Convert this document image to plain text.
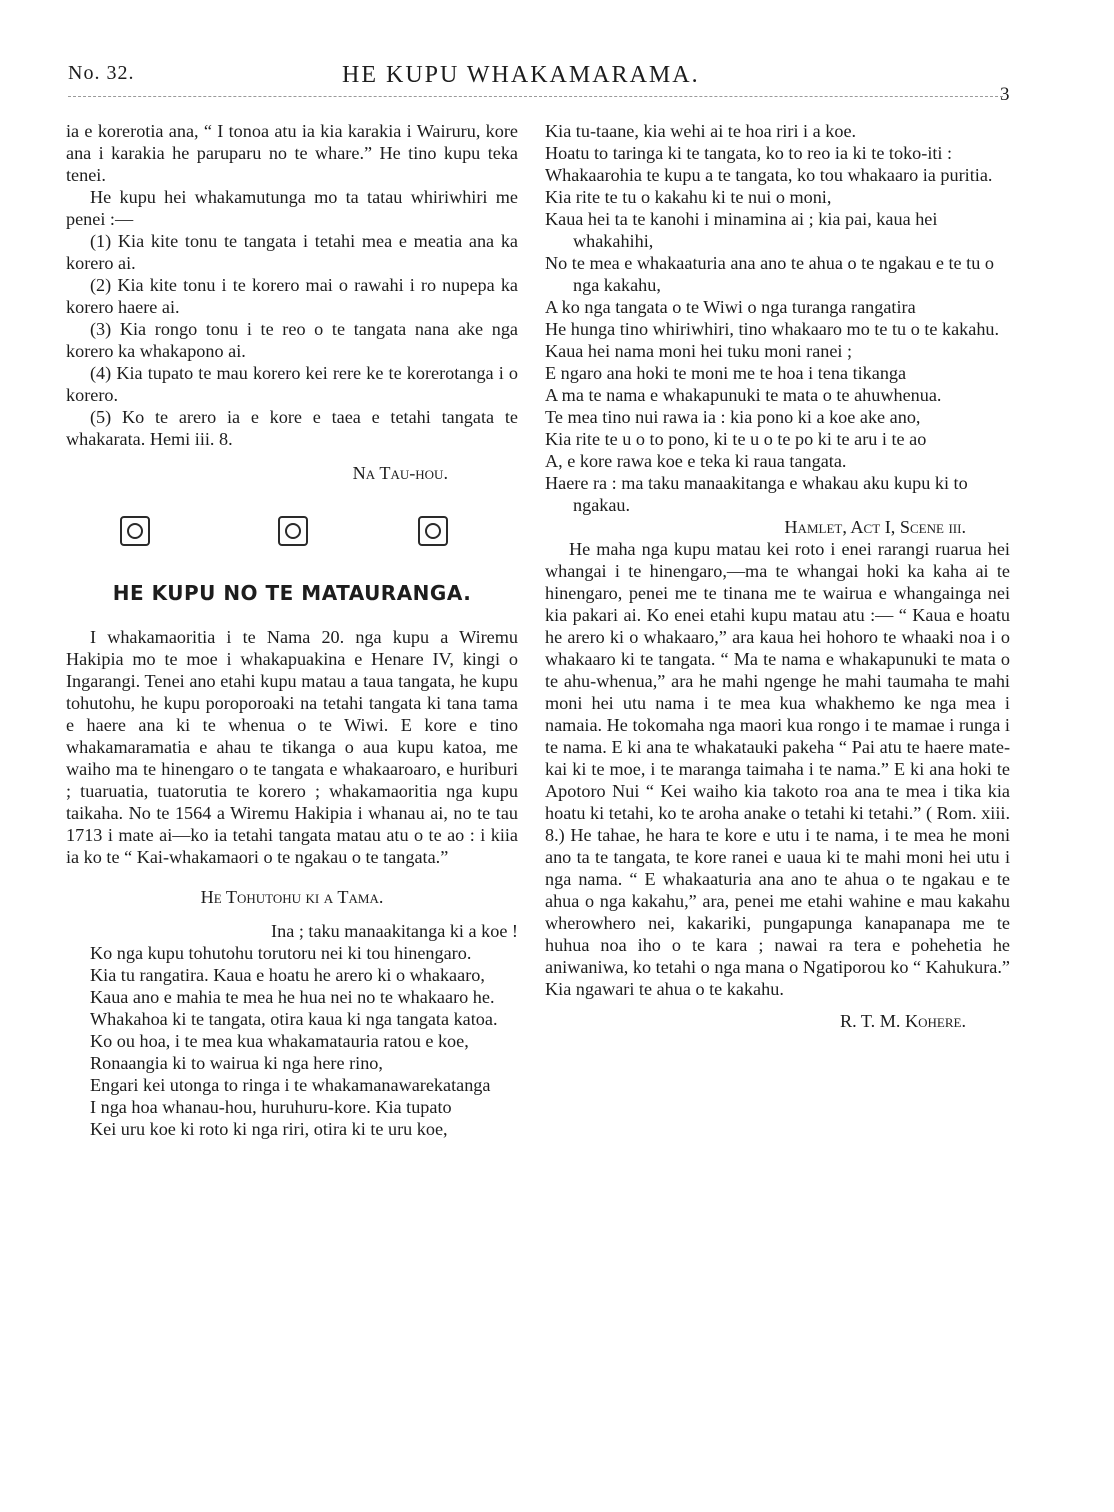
No. 32.	HE KUPU WHAKAMARAMA.
3

ia e korerotia ana, “ I tonoa atu ia kia karakia i Wairuru, kore ana i karakia he paruparu no te whare.” He tino kupu teka tenei.

He kupu hei whakamutunga mo ta tatau whiriwhiri me penei :—

(1) Kia kite tonu te tangata i tetahi mea e meatia ana ka korero ai.

(2) Kia kite tonu i te korero mai o rawahi i ro nupepa ka korero haere ai.

(3) Kia rongo tonu i te reo o te tangata nana ake nga korero ka whakapono ai.

(4) Kia tupato te mau korero kei rere ke te korerotanga i o korero.

(5) Ko te arero ia e kore e taea e tetahi tangata te whakarata. Hemi iii. 8.

Na Tau-hou.

HE KUPU NO TE MATAURANGA.

I whakamaoritia i te Nama 20. nga kupu a Wiremu Hakipia mo te moe i whakapuakina e Henare IV, kingi o Ingarangi. Tenei ano etahi kupu matau a taua tangata, he kupu tohutohu, he kupu poroporoaki na tetahi tangata ki tana tama e haere ana ki te whenua o te Wiwi. E kore e tino whakamaramatia e ahau te tikanga o aua kupu katoa, me waiho ma te hinengaro o te tangata e whakaaroaro, e huriburi ; tuaruatia, tuatorutia te korero ; whakamaoritia nga kupu taikaha. No te 1564 a Wiremu Hakipia i whanau ai, no te tau 1713 i mate ai—ko ia tetahi tangata matau atu o te ao : i kiia ia ko te “ Kai-whakamaori o te ngakau o te tangata.”

He Tohutohu ki a Tama.

Ina ; taku manaakitanga ki a koe !

Ko nga kupu tohutohu torutoru nei ki tou hinengaro.

Kia tu rangatira. Kaua e hoatu he arero ki o whakaaro,

Kaua ano e mahia te mea he hua nei no te whakaaro he.

Whakahoa ki te tangata, otira kaua ki nga tangata katoa.

Ko ou hoa, i te mea kua whakamatauria ratou e koe,

Ronaangia ki to wairua ki nga here rino,

Engari kei utonga to ringa i te whakamanawarekatanga

I nga hoa whanau-hou, huruhuru-kore. Kia tupato

Kei uru koe ki roto ki nga riri, otira ki te uru koe,

Kia tu-taane, kia wehi ai te hoa riri i a koe.

Hoatu to taringa ki te tangata, ko to reo ia ki te toko-iti :

Whakaarohia te kupu a te tangata, ko tou whakaaro ia puritia.

Kia rite te tu o kakahu ki te nui o moni,

Kaua hei ta te kanohi i minamina ai ; kia pai, kaua hei whakahihi,

No te mea e whakaaturia ana ano te ahua o te ngakau e te tu o nga kakahu,

A ko nga tangata o te Wiwi o nga turanga rangatira

He hunga tino whiriwhiri, tino whakaaro mo te tu o te kakahu.

Kaua hei nama moni hei tuku moni ranei ;

E ngaro ana hoki te moni me te hoa i tena tikanga

A ma te nama e whakapunuki te mata o te ahuwhenua.

Te mea tino nui rawa ia : kia pono ki a koe ake ano,

Kia rite te u o to pono, ki te u o te po ki te aru i te ao

A, e kore rawa koe e teka ki raua tangata.

Haere ra : ma taku manaakitanga e whakau aku kupu ki to ngakau.

Hamlet, Act I, Scene iii.

He maha nga kupu matau kei roto i enei rarangi ruarua hei whangai i te hinengaro,—ma te whangai hoki ka kaha ai te hinengaro, penei me te tinana me te wairua e whangainga nei kia pakari ai. Ko enei etahi kupu matau atu :— “ Kaua e hoatu he arero ki o whakaaro,” ara kaua hei hohoro te whaaki noa i o whakaaro ki te tangata. “ Ma te nama e whakapunuki te mata o te ahu-whenua,” ara he mahi ngenge he mahi taumaha te mahi moni hei utu nama i te mea kua whakhemo ke nga mea i namaia. He tokomaha nga maori kua rongo i te mamae i runga i te nama. E ki ana te whakatauki pakeha “ Pai atu te haere mate-kai ki te moe, i te maranga taimaha i te nama.” E ki ana hoki te Apotoro Nui “ Kei waiho kia takoto roa ana te mea i tika kia hoatu ki tetahi, ko te aroha anake o tetahi ki tetahi.” ( Rom. xiii. 8.) He tahae, he hara te kore e utu i te nama, i te mea he moni ano ta te tangata, te kore ranei e uaua ki te mahi moni hei utu i nga nama. “ E whakaaturia ana ano te ahua o te ngakau e te ahua o nga kakahu,” ara, penei me etahi wahine e mau kakahu wherowhero nei, kakariki, pungapunga kanapanapa me te huhua noa iho o te kara ; nawai ra tera e pohehetia he aniwaniwa, ko tetahi o nga mana o Ngatiporou ko “ Kahukura.” Kia ngawari te ahua o te kakahu.

R. T. M. Kohere.
